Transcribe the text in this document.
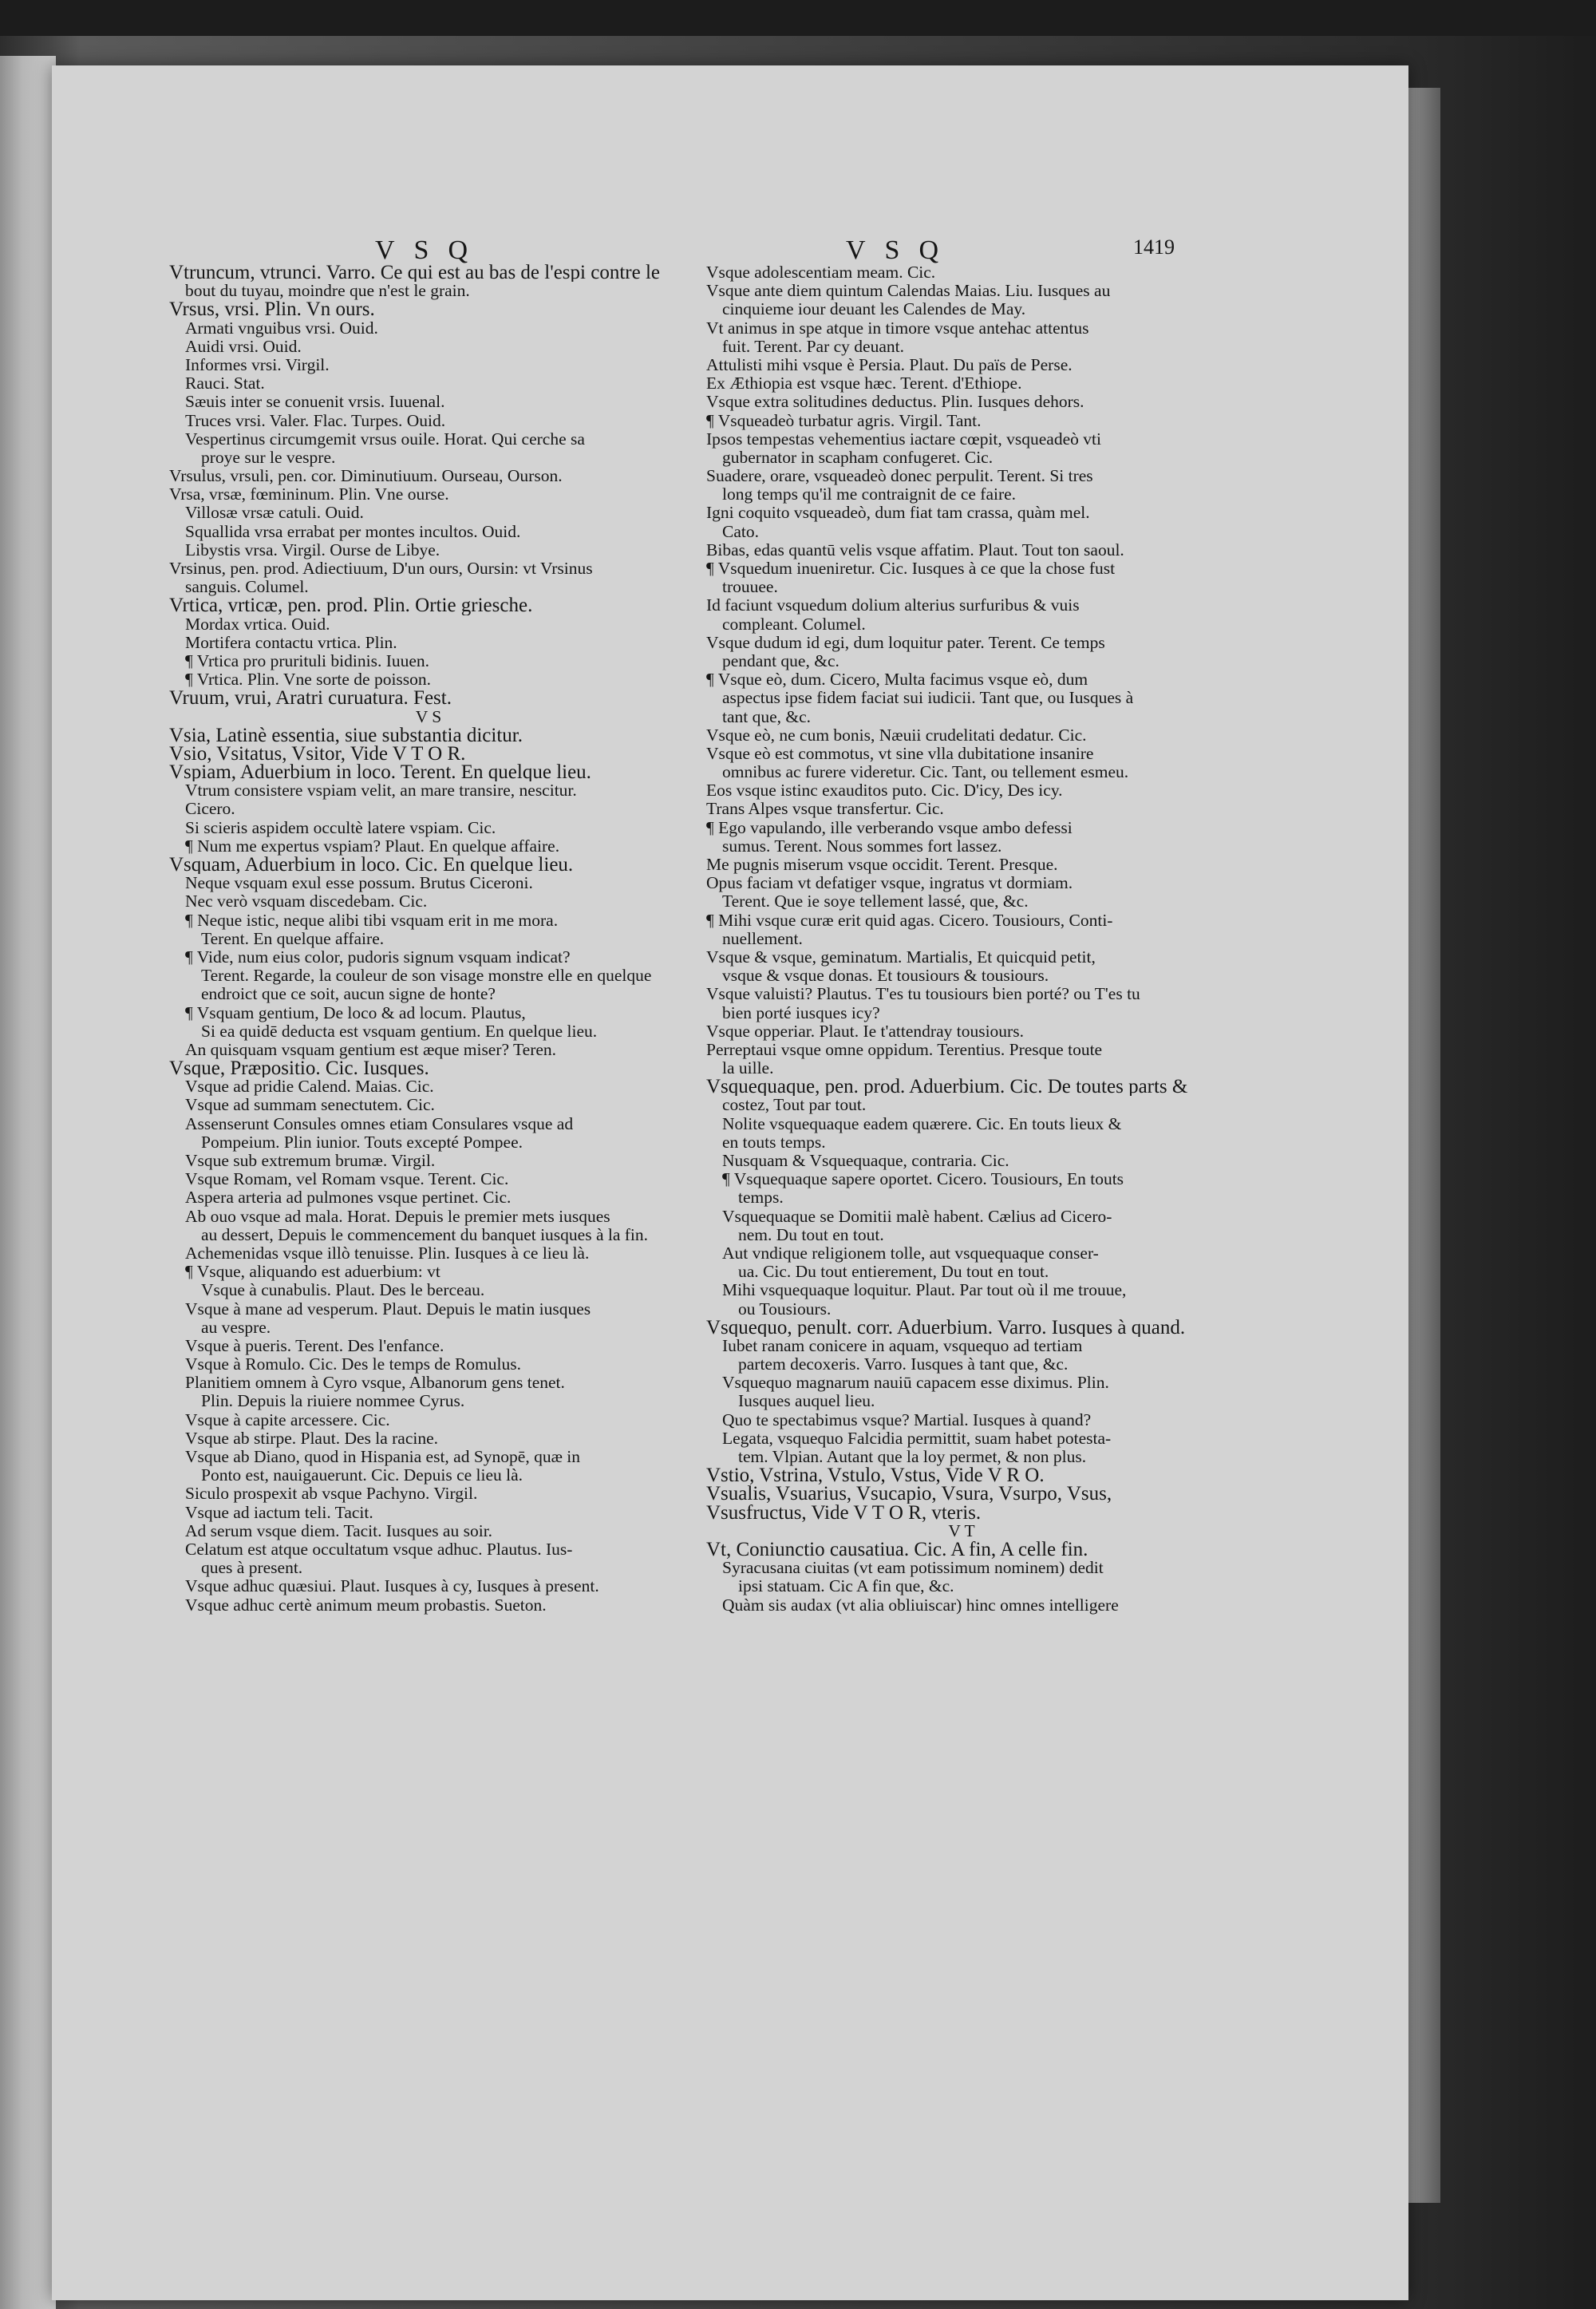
VSQ	VSQ	1419
Vtruncum, vtrunci. Varro. Ce qui est au bas de l'espi contre le
bout du tuyau, moindre que n'est le grain.
Vrsus, vrsi. Plin. Vn ours.
Armati vnguibus vrsi. Ouid.
Auidi vrsi. Ouid.
Informes vrsi. Virgil.
Rauci. Stat.
Sæuis inter se conuenit vrsis. Iuuenal.
Truces vrsi. Valer. Flac. Turpes. Ouid.
Vespertinus circumgemit vrsus ouile. Horat. Qui cerche sa
proye sur le vespre.
Vrsulus, vrsuli, pen. cor. Diminutiuum. Ourseau, Ourson.
Vrsa, vrsæ, fœmininum. Plin. Vne ourse.
Villosæ vrsæ catuli. Ouid.
Squallida vrsa errabat per montes incultos. Ouid.
Libystis vrsa. Virgil. Ourse de Libye.
Vrsinus, pen. prod. Adiectiuum, D'un ours, Oursin: vt Vrsinus
sanguis. Columel.
Vrtica, vrticæ, pen. prod. Plin. Ortie griesche.
Mordax vrtica. Ouid.
Mortifera contactu vrtica. Plin.
¶ Vrtica pro prurituli bidinis. Iuuen.
¶ Vrtica. Plin. Vne sorte de poisson.
Vruum, vrui, Aratri curuatura. Fest.
V S
Vsia, Latinè essentia, siue substantia dicitur.
Vsio, Vsitatus, Vsitor, Vide V T O R.
Vspiam, Aduerbium in loco. Terent. En quelque lieu.
Vtrum consistere vspiam velit, an mare transire, nescitur.
Cicero.
Si scieris aspidem occultè latere vspiam. Cic.
¶ Num me expertus vspiam? Plaut. En quelque affaire.
Vsquam, Aduerbium in loco. Cic. En quelque lieu.
Neque vsquam exul esse possum. Brutus Ciceroni.
Nec verò vsquam discedebam. Cic.
¶ Neque istic, neque alibi tibi vsquam erit in me mora.
Terent. En quelque affaire.
¶ Vide, num eius color, pudoris signum vsquam indicat?
Terent. Regarde, la couleur de son visage monstre elle en quelque
endroict que ce soit, aucun signe de honte?
¶ Vsquam gentium, De loco & ad locum. Plautus,
Si ea quidē deducta est vsquam gentium. En quelque lieu.
An quisquam vsquam gentium est æque miser? Teren.
Vsque, Præpositio. Cic. Iusques.
Vsque ad pridie Calend. Maias. Cic.
Vsque ad summam senectutem. Cic.
Assenserunt Consules omnes etiam Consulares vsque ad
Pompeium. Plin iunior. Touts excepté Pompee.
Vsque sub extremum brumæ. Virgil.
Vsque Romam, vel Romam vsque. Terent. Cic.
Aspera arteria ad pulmones vsque pertinet. Cic.
Ab ouo vsque ad mala. Horat. Depuis le premier mets iusques
au dessert, Depuis le commencement du banquet iusques à la fin.
Achemenidas vsque illò tenuisse. Plin. Iusques à ce lieu là.
¶ Vsque, aliquando est aduerbium: vt
Vsque à cunabulis. Plaut. Des le berceau.
Vsque à mane ad vesperum. Plaut. Depuis le matin iusques
au vespre.
Vsque à pueris. Terent. Des l'enfance.
Vsque à Romulo. Cic. Des le temps de Romulus.
Planitiem omnem à Cyro vsque, Albanorum gens tenet.
Plin. Depuis la riuiere nommee Cyrus.
Vsque à capite arcessere. Cic.
Vsque ab stirpe. Plaut. Des la racine.
Vsque ab Diano, quod in Hispania est, ad Synopē, quæ in
Ponto est, nauigauerunt. Cic. Depuis ce lieu là.
Siculo prospexit ab vsque Pachyno. Virgil.
Vsque ad iactum teli. Tacit.
Ad serum vsque diem. Tacit. Iusques au soir.
Celatum est atque occultatum vsque adhuc. Plautus. Ius-
ques à present.
Vsque adhuc quæsiui. Plaut. Iusques à cy, Iusques à present.
Vsque adhuc certè animum meum probastis. Sueton.
Vsque adolescentiam meam. Cic.
Vsque ante diem quintum Calendas Maias. Liu. Iusques au
cinquieme iour deuant les Calendes de May.
Vt animus in spe atque in timore vsque antehac attentus
fuit. Terent. Par cy deuant.
Attulisti mihi vsque è Persia. Plaut. Du païs de Perse.
Ex Æthiopia est vsque hæc. Terent. d'Ethiope.
Vsque extra solitudines deductus. Plin. Iusques dehors.
¶ Vsqueadeò turbatur agris. Virgil. Tant.
Ipsos tempestas vehementius iactare cœpit, vsqueadeò vti
gubernator in scapham confugeret. Cic.
Suadere, orare, vsqueadeò donec perpulit. Terent. Si tres
long temps qu'il me contraignit de ce faire.
Igni coquito vsqueadeò, dum fiat tam crassa, quàm mel.
Cato.
Bibas, edas quantū velis vsque affatim. Plaut. Tout ton saoul.
¶ Vsquedum inueniretur. Cic. Iusques à ce que la chose fust
trouuee.
Id faciunt vsquedum dolium alterius surfuribus & vuis
compleant. Columel.
Vsque dudum id egi, dum loquitur pater. Terent. Ce temps
pendant que, &c.
¶ Vsque eò, dum. Cicero, Multa facimus vsque eò, dum
aspectus ipse fidem faciat sui iudicii. Tant que, ou Iusques à
tant que, &c.
Vsque eò, ne cum bonis, Næuii crudelitati dedatur. Cic.
Vsque eò est commotus, vt sine vlla dubitatione insanire
omnibus ac furere videretur. Cic. Tant, ou tellement esmeu.
Eos vsque istinc exauditos puto. Cic. D'icy, Des icy.
Trans Alpes vsque transfertur. Cic.
¶ Ego vapulando, ille verberando vsque ambo defessi
sumus. Terent. Nous sommes fort lassez.
Me pugnis miserum vsque occidit. Terent. Presque.
Opus faciam vt defatiger vsque, ingratus vt dormiam.
Terent. Que ie soye tellement lassé, que, &c.
¶ Mihi vsque curæ erit quid agas. Cicero. Tousiours, Conti-
nuellement.
Vsque & vsque, geminatum. Martialis, Et quicquid petit,
vsque & vsque donas. Et tousiours & tousiours.
Vsque valuisti? Plautus. T'es tu tousiours bien porté? ou T'es tu
bien porté iusques icy?
Vsque opperiar. Plaut. Ie t'attendray tousiours.
Perreptaui vsque omne oppidum. Terentius. Presque toute
la uille.
Vsquequaque, pen. prod. Aduerbium. Cic. De toutes parts &
costez, Tout par tout.
Nolite vsquequaque eadem quærere. Cic. En touts lieux &
en touts temps.
Nusquam & Vsquequaque, contraria. Cic.
¶ Vsquequaque sapere oportet. Cicero. Tousiours, En touts
temps.
Vsquequaque se Domitii malè habent. Cælius ad Cicero-
nem. Du tout en tout.
Aut vndique religionem tolle, aut vsquequaque conser-
ua. Cic. Du tout entierement, Du tout en tout.
Mihi vsquequaque loquitur. Plaut. Par tout où il me trouue,
ou Tousiours.
Vsquequo, penult. corr. Aduerbium. Varro. Iusques à quand.
Iubet ranam conicere in aquam, vsquequo ad tertiam
partem decoxeris. Varro. Iusques à tant que, &c.
Vsquequo magnarum nauiū capacem esse diximus. Plin.
Iusques auquel lieu.
Quo te spectabimus vsque? Martial. Iusques à quand?
Legata, vsquequo Falcidia permittit, suam habet potesta-
tem. Vlpian. Autant que la loy permet, & non plus.
Vstio, Vstrina, Vstulo, Vstus, Vide V R O.
Vsualis, Vsuarius, Vsucapio, Vsura, Vsurpo, Vsus,
Vsusfructus, Vide V T O R, vteris.
V T
Vt, Coniunctio causatiua. Cic. A fin, A celle fin.
Syracusana ciuitas (vt eam potissimum nominem) dedit
ipsi statuam. Cic A fin que, &c.
Quàm sis audax (vt alia obliuiscar) hinc omnes intelligere
